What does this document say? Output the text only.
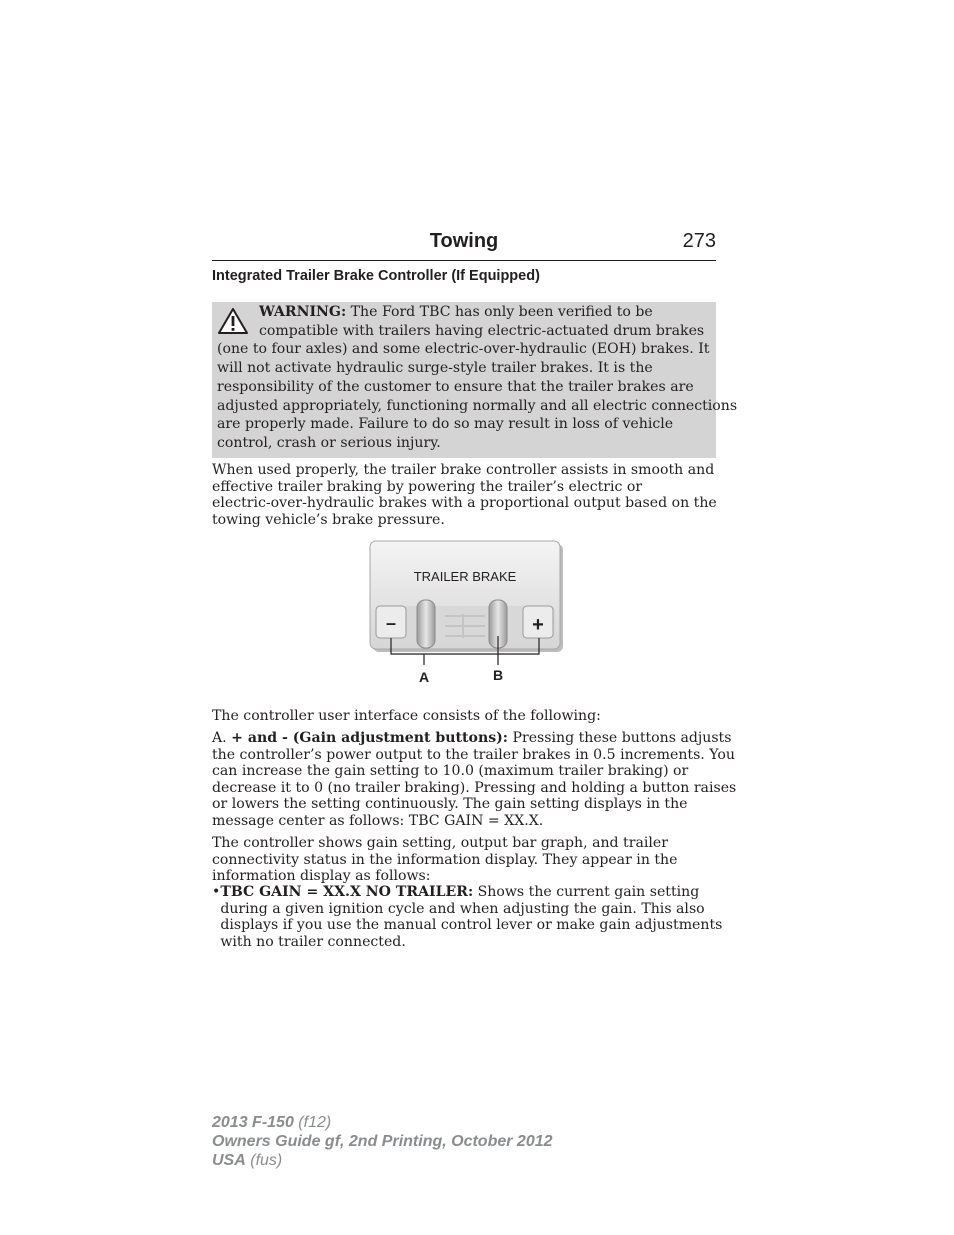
Towing	273
Integrated Trailer Brake Controller (If Equipped)
WARNING: The Ford TBC has only been verified to be
compatible with trailers having electric-actuated drum brakes
(one to four axles) and some electric-over-hydraulic (EOH) brakes. It
will not activate hydraulic surge-style trailer brakes. It is the
responsibility of the customer to ensure that the trailer brakes are
adjusted appropriately, functioning normally and all electric connections
are properly made. Failure to do so may result in loss of vehicle
control, crash or serious injury.
When used properly, the trailer brake controller assists in smooth and
effective trailer braking by powering the trailer’s electric or
electric-over-hydraulic brakes with a proportional output based on the
towing vehicle’s brake pressure.
TRAILER BRAKE
–	+
A	B
The controller user interface consists of the following:
A. + and - (Gain adjustment buttons): Pressing these buttons adjusts
the controller’s power output to the trailer brakes in 0.5 increments. You
can increase the gain setting to 10.0 (maximum trailer braking) or
decrease it to 0 (no trailer braking). Pressing and holding a button raises
or lowers the setting continuously. The gain setting displays in the
message center as follows: TBC GAIN = XX.X.
The controller shows gain setting, output bar graph, and trailer
connectivity status in the information display. They appear in the
information display as follows:
• TBC GAIN = XX.X NO TRAILER: Shows the current gain setting
during a given ignition cycle and when adjusting the gain. This also
displays if you use the manual control lever or make gain adjustments
with no trailer connected.
2013 F-150 (f12)
Owners Guide gf, 2nd Printing, October 2012
USA (fus)
